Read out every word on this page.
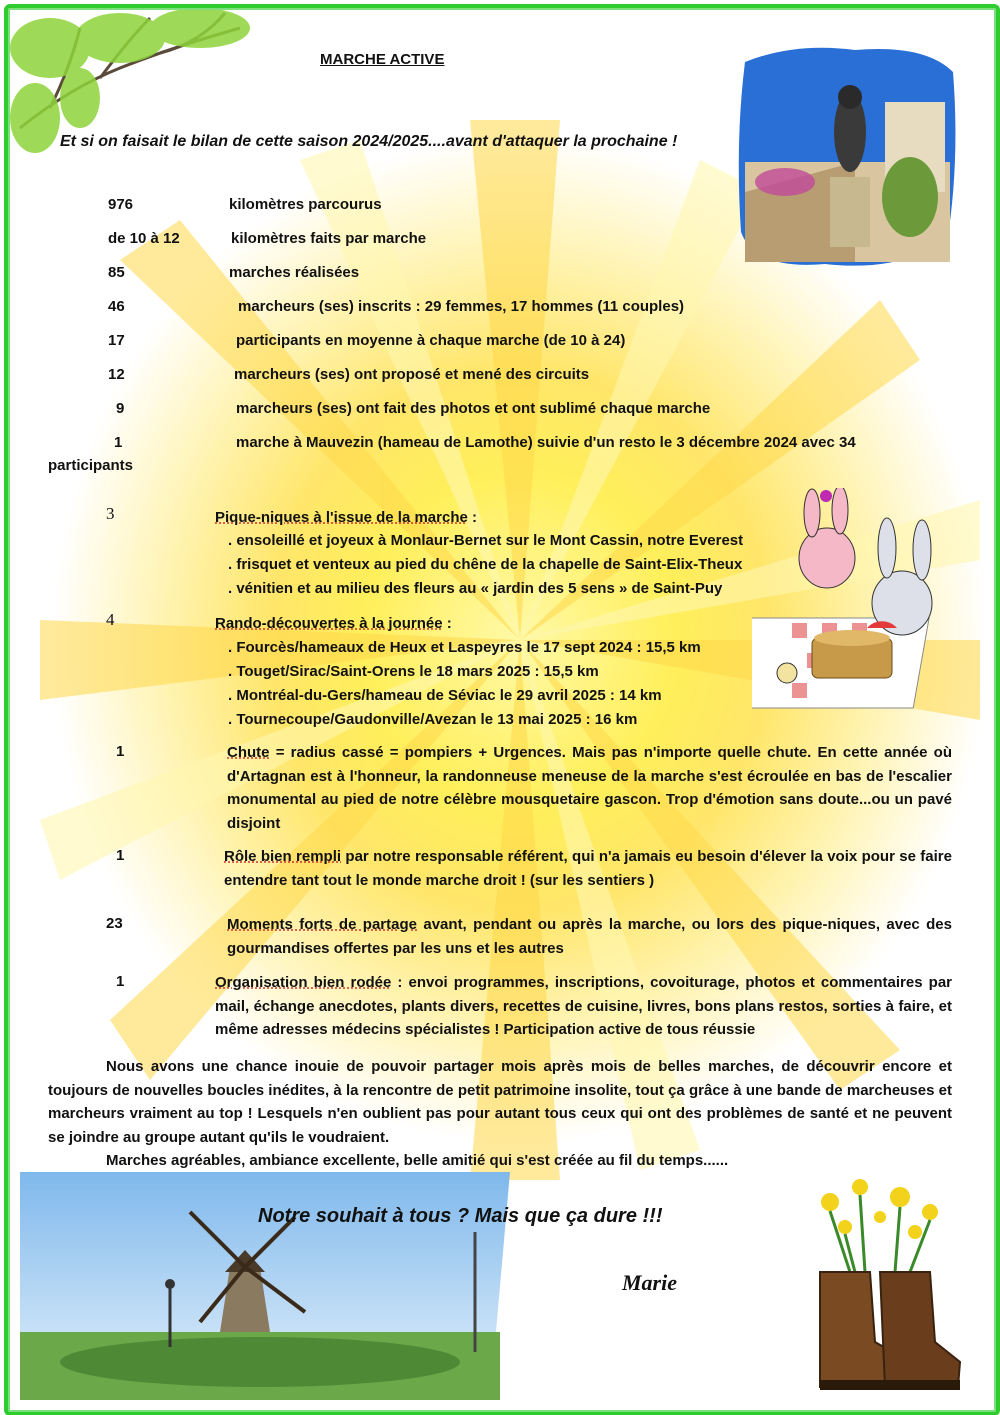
MARCHE ACTIVE
Et si on faisait le bilan de cette saison 2024/2025....avant d'attaquer la prochaine !
976	kilomètres parcourus
de 10 à 12	kilomètres faits par marche
85	marches réalisées
46	marcheurs (ses) inscrits : 29 femmes, 17 hommes (11 couples)
17	participants en moyenne à chaque marche (de 10 à 24)
12	marcheurs (ses) ont proposé et mené des circuits
9	marcheurs (ses) ont fait des photos et ont sublimé chaque marche
1	marche à Mauvezin (hameau de Lamothe) suivie d'un resto le 3 décembre 2024 avec 34
participants
3	Pique-niques à l'issue de la marche :
. ensoleillé et joyeux à Monlaur-Bernet sur le Mont Cassin, notre Everest
. frisquet et venteux au pied du chêne de la chapelle de Saint-Elix-Theux
. vénitien et au milieu des fleurs au « jardin des 5 sens » de Saint-Puy
4	Rando-découvertes à la journée :
. Fourcès/hameaux de Heux et Laspeyres le 17 sept 2024 : 15,5 km
. Touget/Sirac/Saint-Orens le 18 mars 2025 : 15,5 km
. Montréal-du-Gers/hameau de Séviac le 29 avril 2025 : 14 km
. Tournecoupe/Gaudonville/Avezan le 13 mai 2025 : 16 km
1	Chute = radius cassé = pompiers + Urgences. Mais pas n'importe quelle chute. En cette année où d'Artagnan est à l'honneur, la randonneuse meneuse de la marche s'est écroulée en bas de l'escalier monumental au pied de notre célèbre mousquetaire gascon. Trop d'émotion sans doute...ou un pavé disjoint
1	Rôle bien rempli par notre responsable référent, qui n'a jamais eu besoin d'élever la voix pour se faire entendre tant tout le monde marche droit ! (sur les sentiers )
23	Moments forts de partage avant, pendant ou après la marche, ou lors des pique-niques, avec des gourmandises offertes par les uns et les autres
1	Organisation bien rodée : envoi programmes, inscriptions, covoiturage, photos et commentaires par mail, échange anecdotes, plants divers, recettes de cuisine, livres, bons plans restos, sorties à faire, et même adresses médecins spécialistes ! Participation active de tous réussie

Nous avons une chance inouie de pouvoir partager mois après mois de belles marches, de découvrir encore et toujours de nouvelles boucles inédites, à la rencontre de petit patrimoine insolite, tout ça grâce à une bande de marcheuses et marcheurs vraiment au top ! Lesquels n'en oublient pas pour autant tous ceux qui ont des problèmes de santé et ne peuvent se joindre au groupe autant qu'ils le voudraient.

Marches agréables, ambiance excellente, belle amitié qui s'est créée au fil du temps......

Notre souhait à tous ? Mais que ça dure !!!
Marie
